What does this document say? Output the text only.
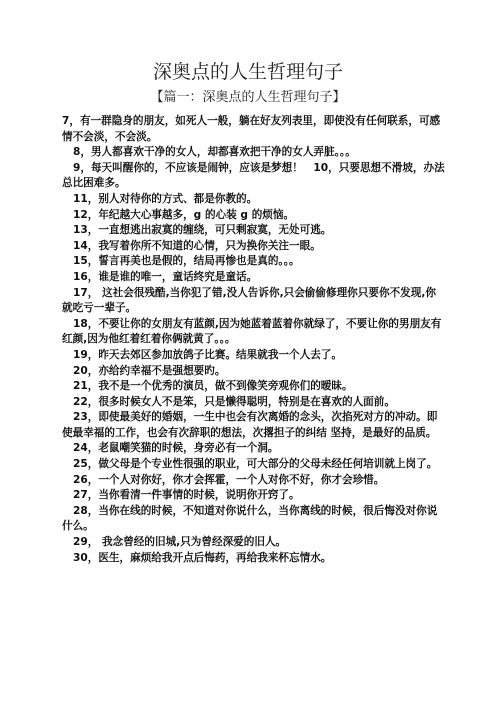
深奥点的人生哲理句子
【篇一：深奥点的人生哲理句子】

7，有一群隐身的朋友，如死人一般，躺在好友列表里，即使没有任何联系，可感情不会淡，不会淡。

8，男人都喜欢干净的女人，却都喜欢把干净的女人弄脏。。。

9，每天叫醒你的，不应该是闹钟，应该是梦想！　10，只要思想不滑坡，办法总比困难多。

11，别人对待你的方式、都是你教的。

12，年纪越大心事越多，g 的心装 g 的烦恼。

13，一直想逃出寂寞的缠绕，可只剩寂寞，无处可逃。

14，我写着你所不知道的心情，只为换你关注一眼。

15，誓言再美也是假的，结局再惨也是真的。。。

16，谁是谁的唯一，童话终究是童话。

17， 这社会很残酷,当你犯了错,没人告诉你,只会偷偷修理你只要你不发现,你就吃亏一辈子。

18，不要让你的女朋友有蓝颜,因为她蓝着蓝着你就绿了，不要让你的男朋友有红颜,因为他红着红着你俩就黄了。。。

19，昨天去郊区参加放鸽子比赛。结果就我一个人去了。

20，亦给约幸福不是强想要旳。

21，我不是一个优秀的演员，做不到像笑旁观你们的暧昧。

22，很多时候女人不是笨，只是懒得聪明，特别是在喜欢的人面前。

23，即使最美好的婚姻，一生中也会有次离婚的念头，次掐死对方的冲动。即使最幸福的工作，也会有次辞职的想法，次撂担子的纠结 坚持，是最好的品质。

24，老鼠嘲笑猫的时候，身旁必有一个洞。

25，做父母是个专业性很强的职业，可大部分的父母未经任何培训就上岗了。

26，一个人对你好，你才会挥霍，一个人对你不好，你才会珍惜。

27，当你看清一件事情的时候，说明你开窍了。

28，当你在线的时候，不知道对你说什么，当你离线的时候，很后悔没对你说什么。

29， 我念曾经的旧城,只为曾经深爱的旧人。

30，医生，麻烦给我开点后悔药，再给我来杯忘情水。
